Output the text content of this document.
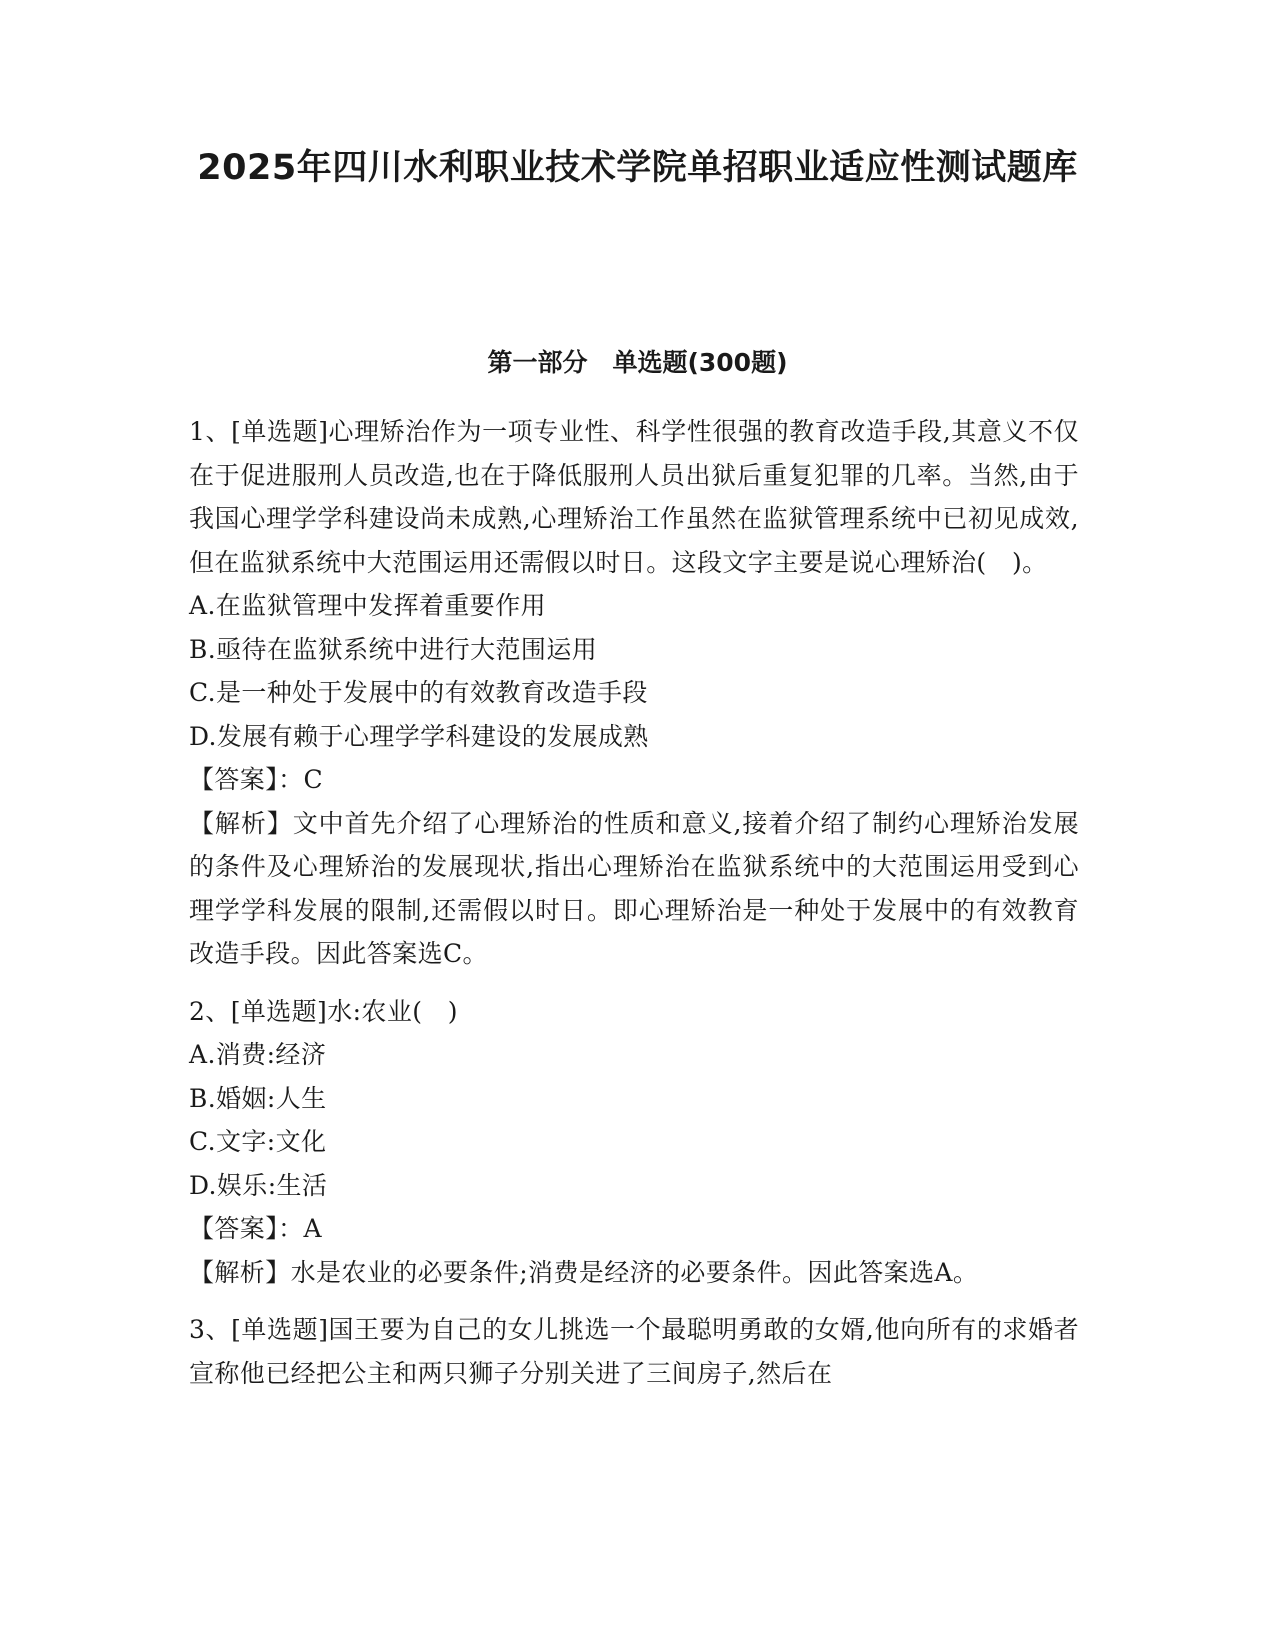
2025年四川水利职业技术学院单招职业适应性测试题库
第一部分　单选题(300题)

1、[单选题]心理矫治作为一项专业性、科学性很强的教育改造手段,其意义不仅在于促进服刑人员改造,也在于降低服刑人员出狱后重复犯罪的几率。当然,由于我国心理学学科建设尚未成熟,心理矫治工作虽然在监狱管理系统中已初见成效,但在监狱系统中大范围运用还需假以时日。这段文字主要是说心理矫治(　)。

A.在监狱管理中发挥着重要作用

B.亟待在监狱系统中进行大范围运用

C.是一种处于发展中的有效教育改造手段

D.发展有赖于心理学学科建设的发展成熟

【答案】：C

【解析】文中首先介绍了心理矫治的性质和意义,接着介绍了制约心理矫治发展的条件及心理矫治的发展现状,指出心理矫治在监狱系统中的大范围运用受到心理学学科发展的限制,还需假以时日。即心理矫治是一种处于发展中的有效教育改造手段。因此答案选C。

2、[单选题]水:农业(　)

A.消费:经济

B.婚姻:人生

C.文字:文化

D.娱乐:生活

【答案】：A

【解析】水是农业的必要条件;消费是经济的必要条件。因此答案选A。

3、[单选题]国王要为自己的女儿挑选一个最聪明勇敢的女婿,他向所有的求婚者宣称他已经把公主和两只狮子分别关进了三间房子,然后在
